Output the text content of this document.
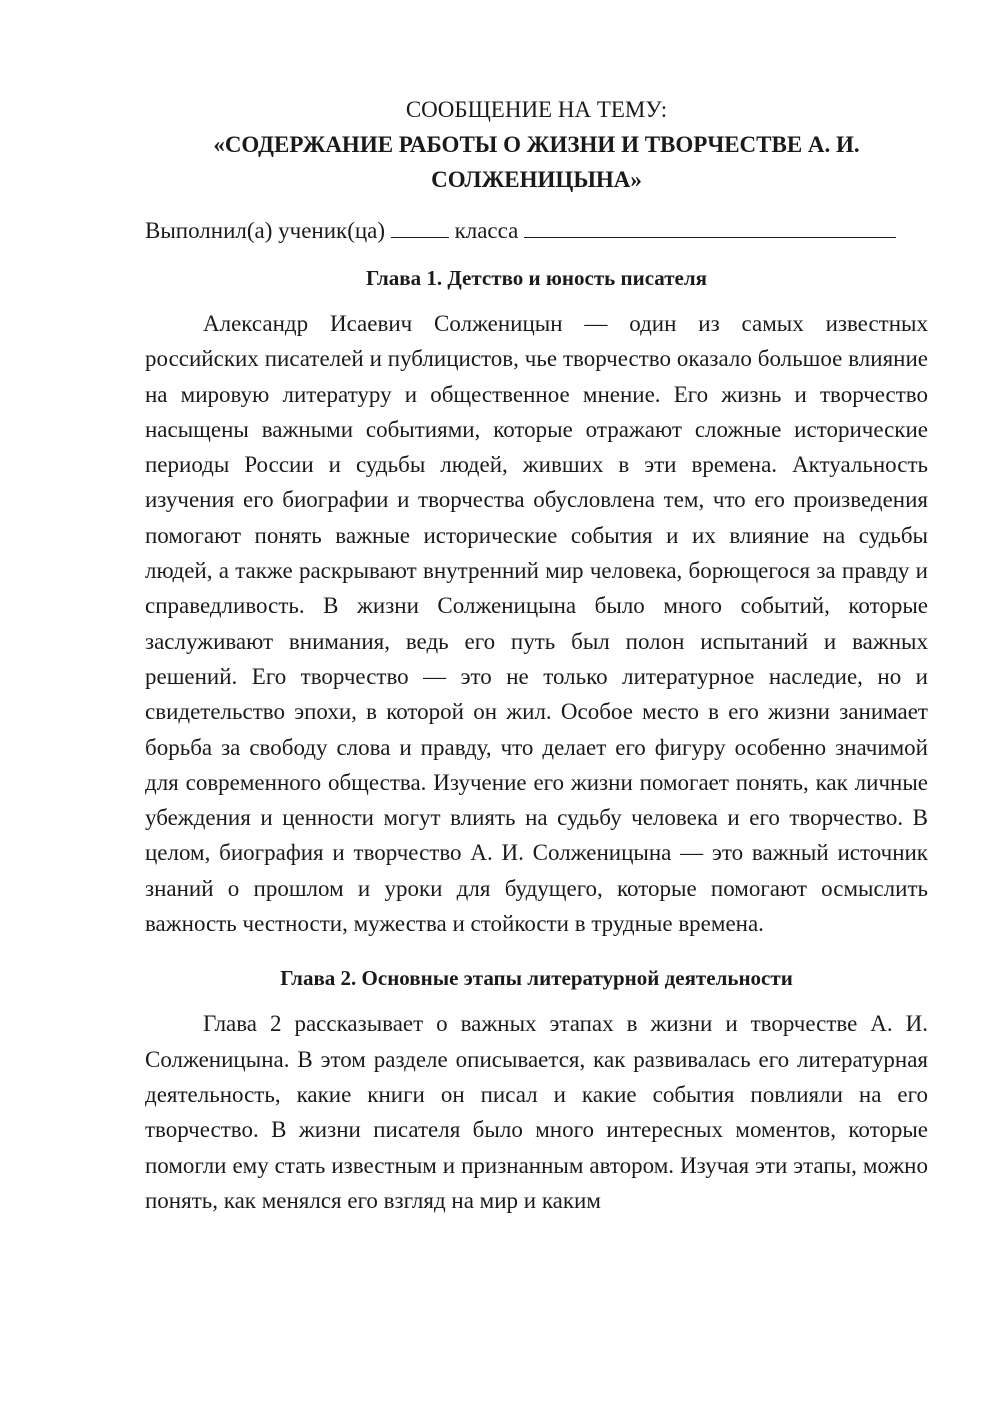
СООБЩЕНИЕ НА ТЕМУ:

«СОДЕРЖАНИЕ РАБОТЫ О ЖИЗНИ И ТВОРЧЕСТВЕ А. И.

СОЛЖЕНИЦЫНА»

Выполнил(а) ученик(ца)	класса

Глава 1. Детство и юность писателя

Александр Исаевич Солженицын — один из самых известных российских писателей и публицистов, чье творчество оказало большое влияние на мировую литературу и общественное мнение. Его жизнь и творчество насыщены важными событиями, которые отражают сложные исторические периоды России и судьбы людей, живших в эти времена. Актуальность изучения его биографии и творчества обусловлена тем, что его произведения помогают понять важные исторические события и их влияние на судьбы людей, а также раскрывают внутренний мир человека, борющегося за правду и справедливость. В жизни Солженицына было много событий, которые заслуживают внимания, ведь его путь был полон испытаний и важных решений. Его творчество — это не только литературное наследие, но и свидетельство эпохи, в которой он жил. Особое место в его жизни занимает борьба за свободу слова и правду, что делает его фигуру особенно значимой для современного общества. Изучение его жизни помогает понять, как личные убеждения и ценности могут влиять на судьбу человека и его творчество. В целом, биография и творчество А. И. Солженицына — это важный источник знаний о прошлом и уроки для будущего, которые помогают осмыслить важность честности, мужества и стойкости в трудные времена.

Глава 2. Основные этапы литературной деятельности

Глава 2 рассказывает о важных этапах в жизни и творчестве А. И. Солженицына. В этом разделе описывается, как развивалась его литературная деятельность, какие книги он писал и какие события повлияли на его творчество. В жизни писателя было много интересных моментов, которые помогли ему стать известным и признанным автором. Изучая эти этапы, можно понять, как менялся его взгляд на мир и каким
